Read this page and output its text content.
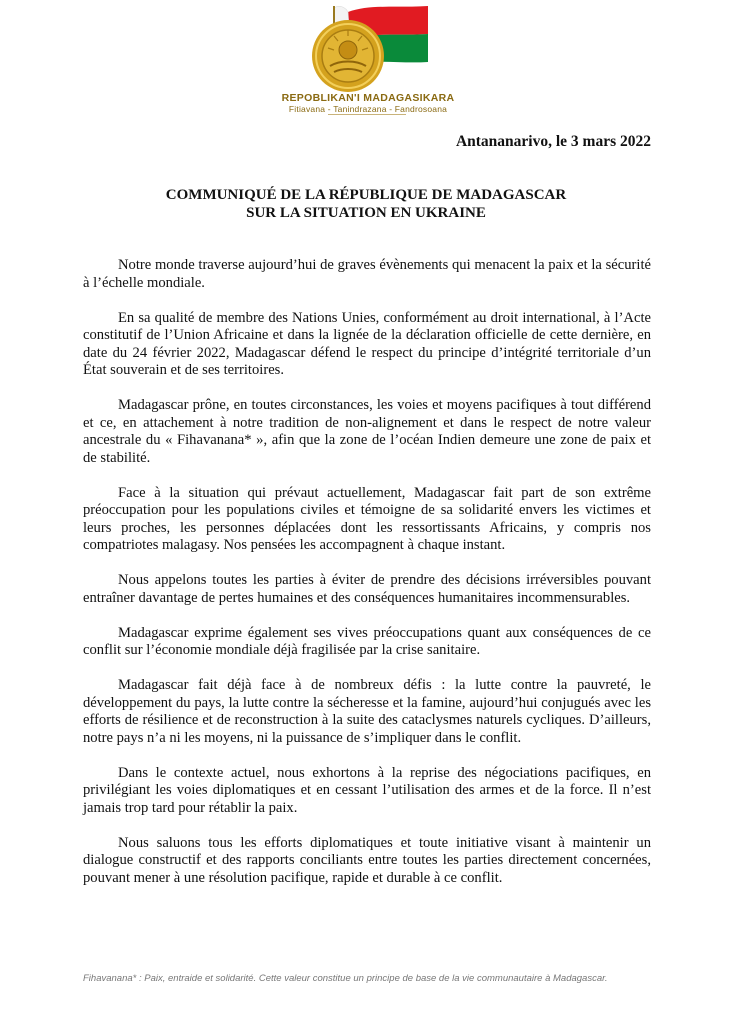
REPOBLIKAN'I MADAGASIKARA
Fitiavana - Tanindrazana - Fandrosoana
Antananarivo, le 3 mars 2022
COMMUNIQUÉ DE LA RÉPUBLIQUE DE MADAGASCAR
SUR LA SITUATION EN UKRAINE

Notre monde traverse aujourd’hui de graves évènements qui menacent la paix et la sécurité à l’échelle mondiale.

En sa qualité de membre des Nations Unies, conformément au droit international, à l’Acte constitutif de l’Union Africaine et dans la lignée de la déclaration officielle de cette dernière, en date du 24 février 2022, Madagascar défend le respect du principe d’intégrité territoriale d’un État souverain et de ses territoires.

Madagascar prône, en toutes circonstances, les voies et moyens pacifiques à tout différend et ce, en attachement à notre tradition de non-alignement et dans le respect de notre valeur ancestrale du « Fihavanana* », afin que la zone de l’océan Indien demeure une zone de paix et de stabilité.

Face à la situation qui prévaut actuellement, Madagascar fait part de son extrême préoccupation pour les populations civiles et témoigne de sa solidarité envers les victimes et leurs proches, les personnes déplacées dont les ressortissants Africains, y compris nos compatriotes malagasy. Nos pensées les accompagnent à chaque instant.

Nous appelons toutes les parties à éviter de prendre des décisions irréversibles pouvant entraîner davantage de pertes humaines et des conséquences humanitaires incommensurables.

Madagascar exprime également ses vives préoccupations quant aux conséquences de ce conflit sur l’économie mondiale déjà fragilisée par la crise sanitaire.

Madagascar fait déjà face à de nombreux défis : la lutte contre la pauvreté, le développement du pays, la lutte contre la sécheresse et la famine, aujourd’hui conjugués avec les efforts de résilience et de reconstruction à la suite des cataclysmes naturels cycliques. D’ailleurs, notre pays n’a ni les moyens, ni la puissance de s’impliquer dans le conflit.

Dans le contexte actuel, nous exhortons à la reprise des négociations pacifiques, en privilégiant les voies diplomatiques et en cessant l’utilisation des armes et de la force. Il n’est jamais trop tard pour rétablir la paix.

Nous saluons tous les efforts diplomatiques et toute initiative visant à maintenir un dialogue constructif et des rapports conciliants entre toutes les parties directement concernées, pouvant mener à une résolution pacifique, rapide et durable à ce conflit.

Fihavanana* : Paix, entraide et solidarité. Cette valeur constitue un principe de base de la vie communautaire à Madagascar.
